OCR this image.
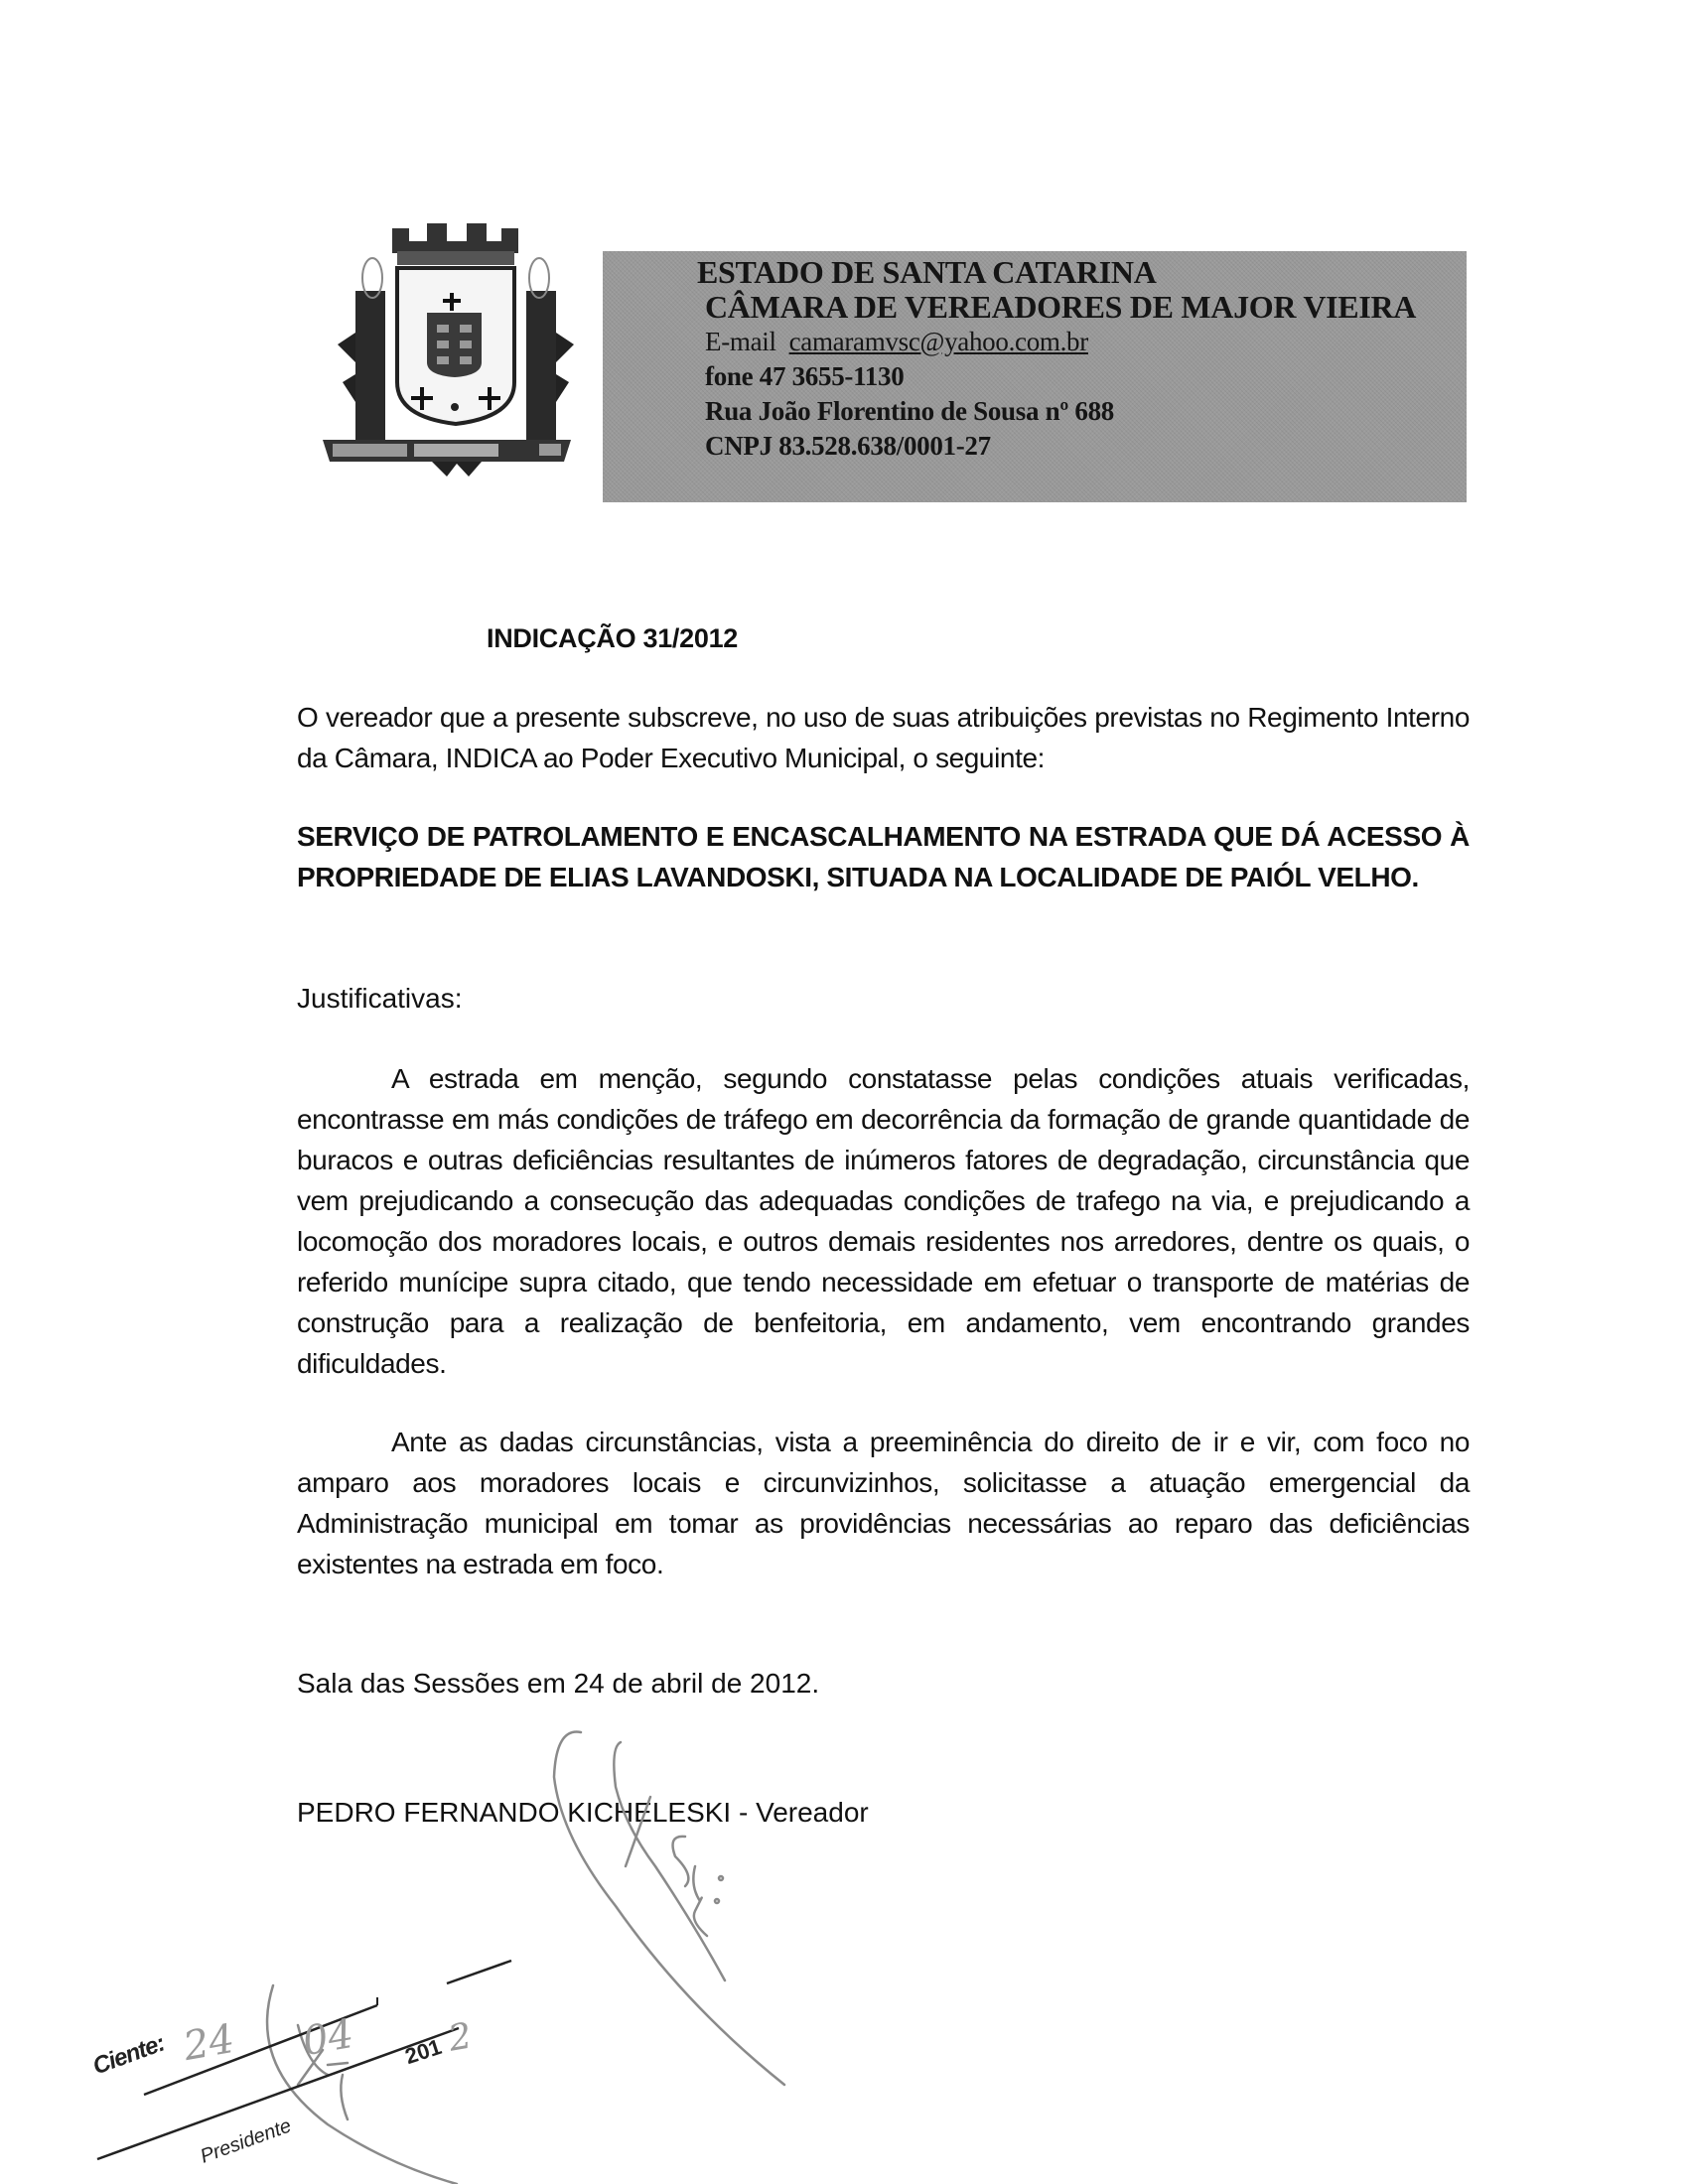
ESTADO DE SANTA CATARINA
CÂMARA DE VEREADORES DE MAJOR VIEIRA
E-mail camaramvsc@yahoo.com.br
fone 47 3655-1130
Rua João Florentino de Sousa nº 688
CNPJ 83.528.638/0001-27
INDICAÇÃO 31/2012
O vereador que a presente subscreve, no uso de suas atribuições previstas no Regimento Interno da Câmara, INDICA ao Poder Executivo Municipal, o seguinte:
SERVIÇO DE PATROLAMENTO E ENCASCALHAMENTO NA ESTRADA QUE DÁ ACESSO À PROPRIEDADE DE ELIAS LAVANDOSKI, SITUADA NA LOCALIDADE DE PAIÓL VELHO.
Justificativas:
A estrada em menção, segundo constatasse pelas condições atuais verificadas, encontrasse em más condições de tráfego em decorrência da formação de grande quantidade de buracos e outras deficiências resultantes de inúmeros fatores de degradação, circunstância que vem prejudicando a consecução das adequadas condições de trafego na via, e prejudicando a locomoção dos moradores locais, e outros demais residentes nos arredores, dentre os quais, o referido munícipe supra citado, que tendo necessidade em efetuar o transporte de matérias de construção para a realização de benfeitoria, em andamento, vem encontrando grandes dificuldades.
Ante as dadas circunstâncias, vista a preeminência do direito de ir e vir, com foco no amparo aos moradores locais e circunvizinhos, solicitasse a atuação emergencial da Administração municipal em tomar as providências necessárias ao reparo das deficiências existentes na estrada em foco.
Sala das Sessões em 24 de abril de 2012.
PEDRO FERNANDO KICHELESKI - Vereador
Ciente:	201
Presidente
24 04 2
